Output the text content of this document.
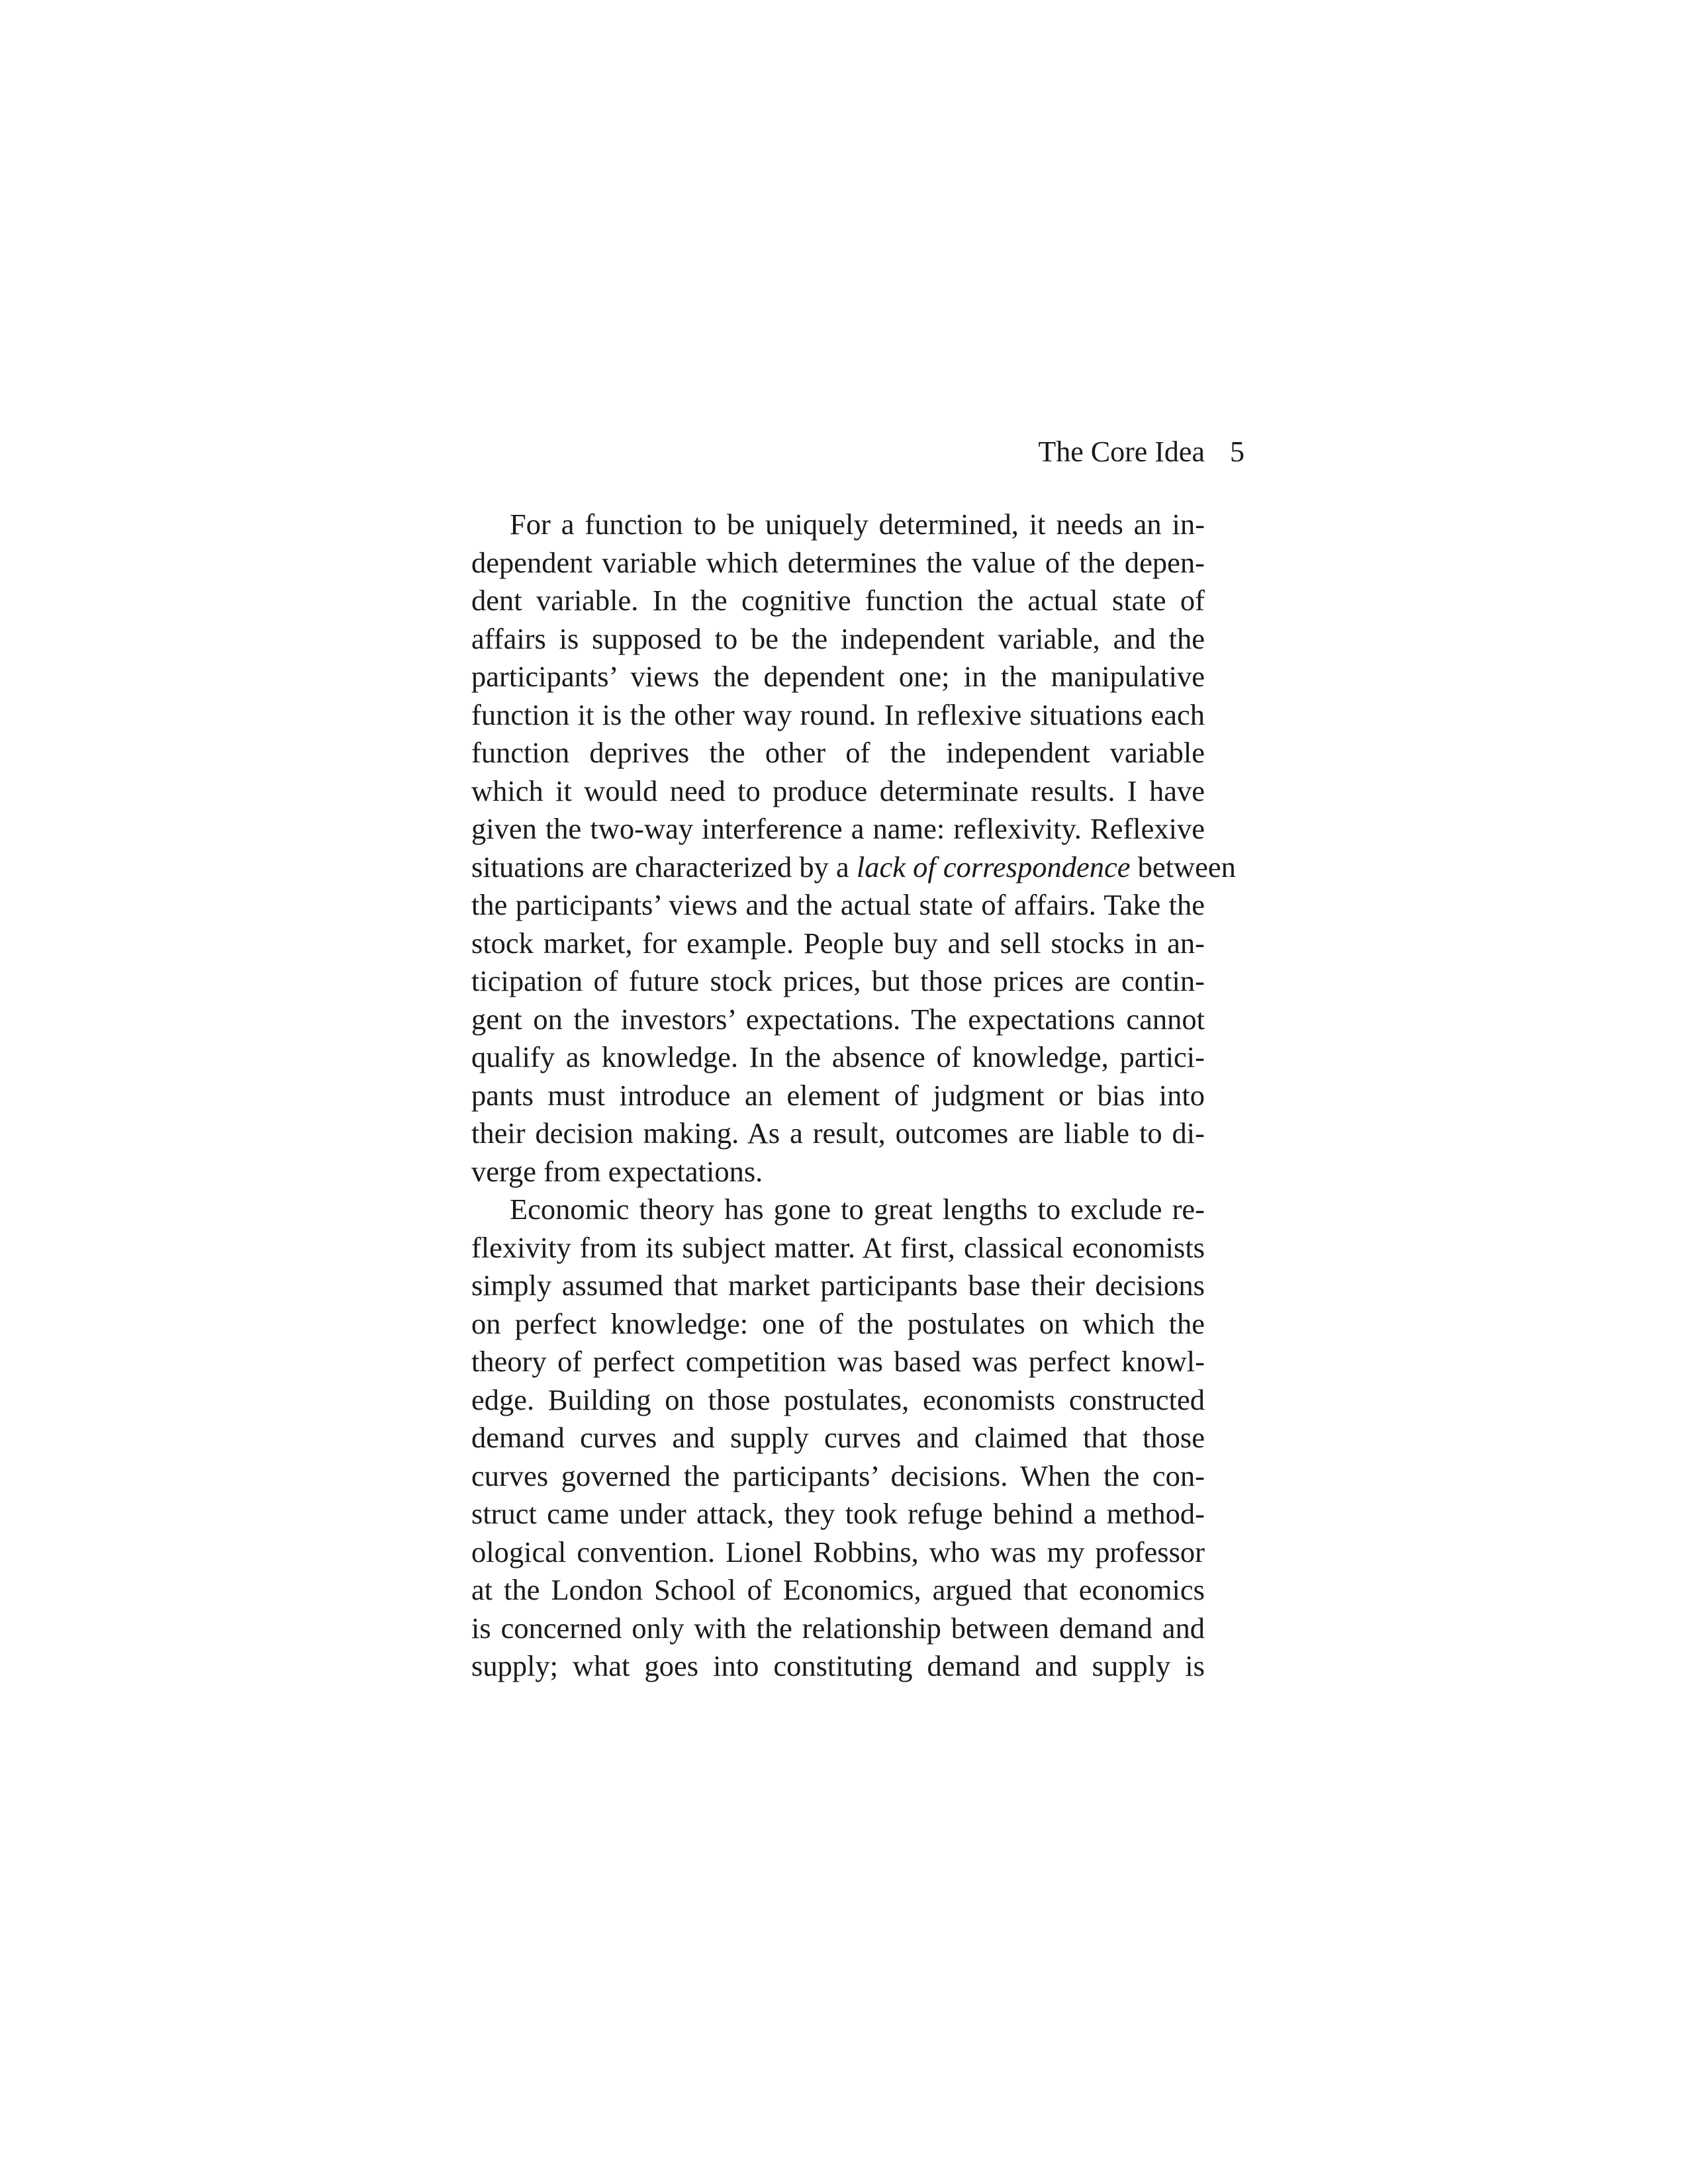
The Core Idea 5
For a function to be uniquely determined, it needs an in-
dependent variable which determines the value of the depen-
dent variable. In the cognitive function the actual state of
affairs is supposed to be the independent variable, and the
participants’ views the dependent one; in the manipulative
function it is the other way round. In reflexive situations each
function deprives the other of the independent variable
which it would need to produce determinate results. I have
given the two-way interference a name: reflexivity. Reflexive
situations are characterized by a lack of correspondence between
the participants’ views and the actual state of affairs. Take the
stock market, for example. People buy and sell stocks in an-
ticipation of future stock prices, but those prices are contin-
gent on the investors’ expectations. The expectations cannot
qualify as knowledge. In the absence of knowledge, partici-
pants must introduce an element of judgment or bias into
their decision making. As a result, outcomes are liable to di-
verge from expectations.
Economic theory has gone to great lengths to exclude re-
flexivity from its subject matter. At first, classical economists
simply assumed that market participants base their decisions
on perfect knowledge: one of the postulates on which the
theory of perfect competition was based was perfect knowl-
edge. Building on those postulates, economists constructed
demand curves and supply curves and claimed that those
curves governed the participants’ decisions. When the con-
struct came under attack, they took refuge behind a method-
ological convention. Lionel Robbins, who was my professor
at the London School of Economics, argued that economics
is concerned only with the relationship between demand and
supply; what goes into constituting demand and supply is
